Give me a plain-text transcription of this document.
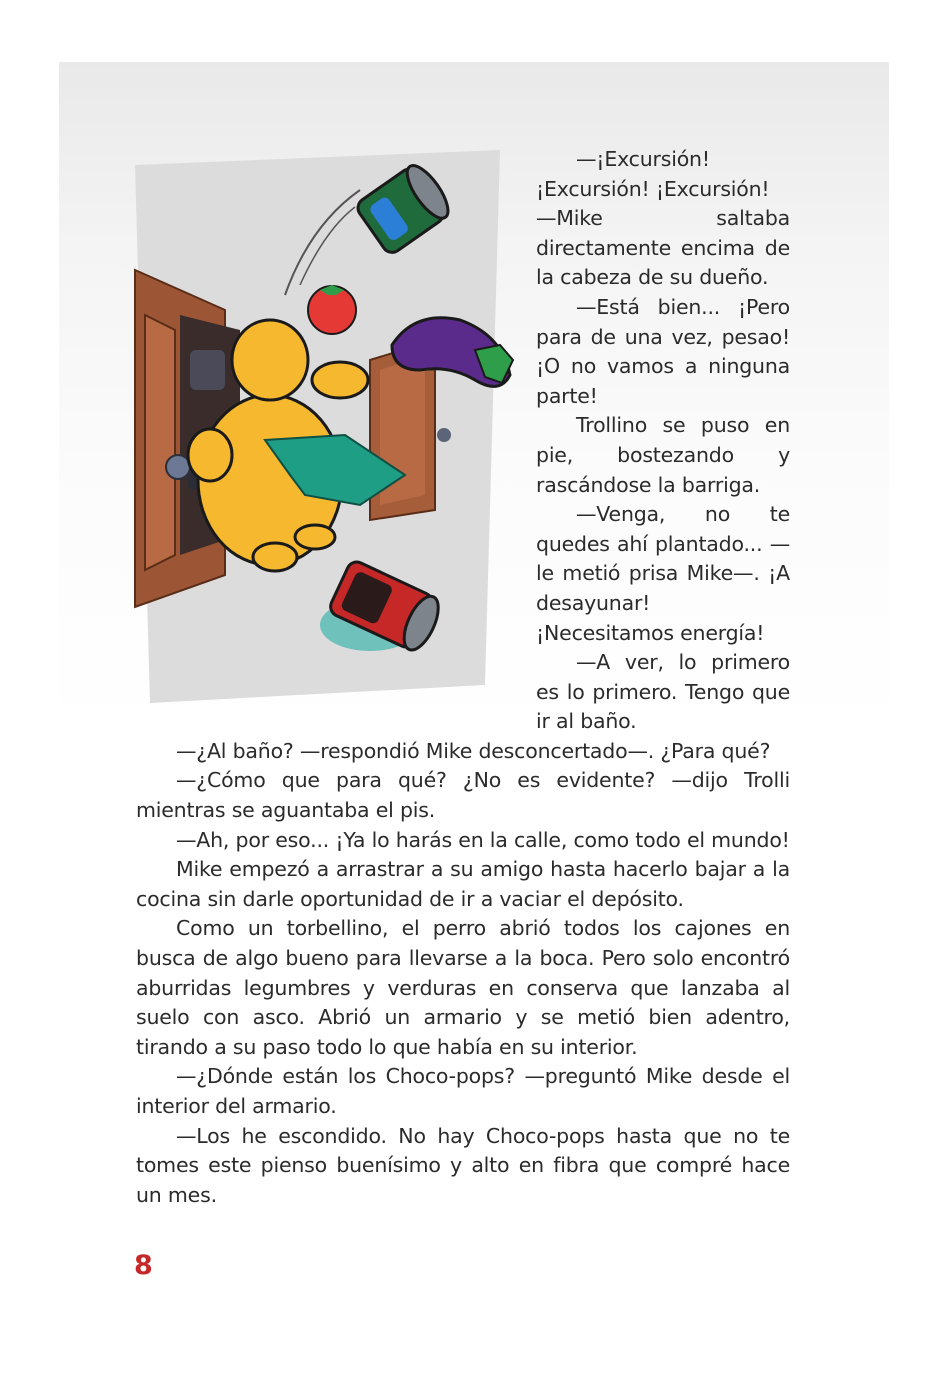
—¡Excursión! ¡Excursión! ¡Excursión!

—Mike saltaba directamente encima de la cabeza de su dueño.

—Está bien... ¡Pero para de una vez, pesao! ¡O no vamos a ninguna parte!

Trollino se puso en pie, bostezando y rascándose la barriga.

—Venga, no te quedes ahí plantado... —le metió prisa Mike—. ¡A desayunar! ¡Necesitamos energía!

—A ver, lo primero es lo primero. Tengo que ir al baño.

—¿Al baño? —respondió Mike desconcertado—. ¿Para qué?

—¿Cómo que para qué? ¿No es evidente? —dijo Trolli mientras se aguantaba el pis.

—Ah, por eso... ¡Ya lo harás en la calle, como todo el mundo!

Mike empezó a arrastrar a su amigo hasta hacerlo bajar a la cocina sin darle oportunidad de ir a vaciar el depósito.

Como un torbellino, el perro abrió todos los cajones en busca de algo bueno para llevarse a la boca. Pero solo encontró aburridas legumbres y verduras en conserva que lanzaba al suelo con asco. Abrió un armario y se metió bien adentro, tirando a su paso todo lo que había en su interior.

—¿Dónde están los Choco-pops? —preguntó Mike desde el interior del armario.

—Los he escondido. No hay Choco-pops hasta que no te tomes este pienso buenísimo y alto en fibra que compré hace un mes.

8
